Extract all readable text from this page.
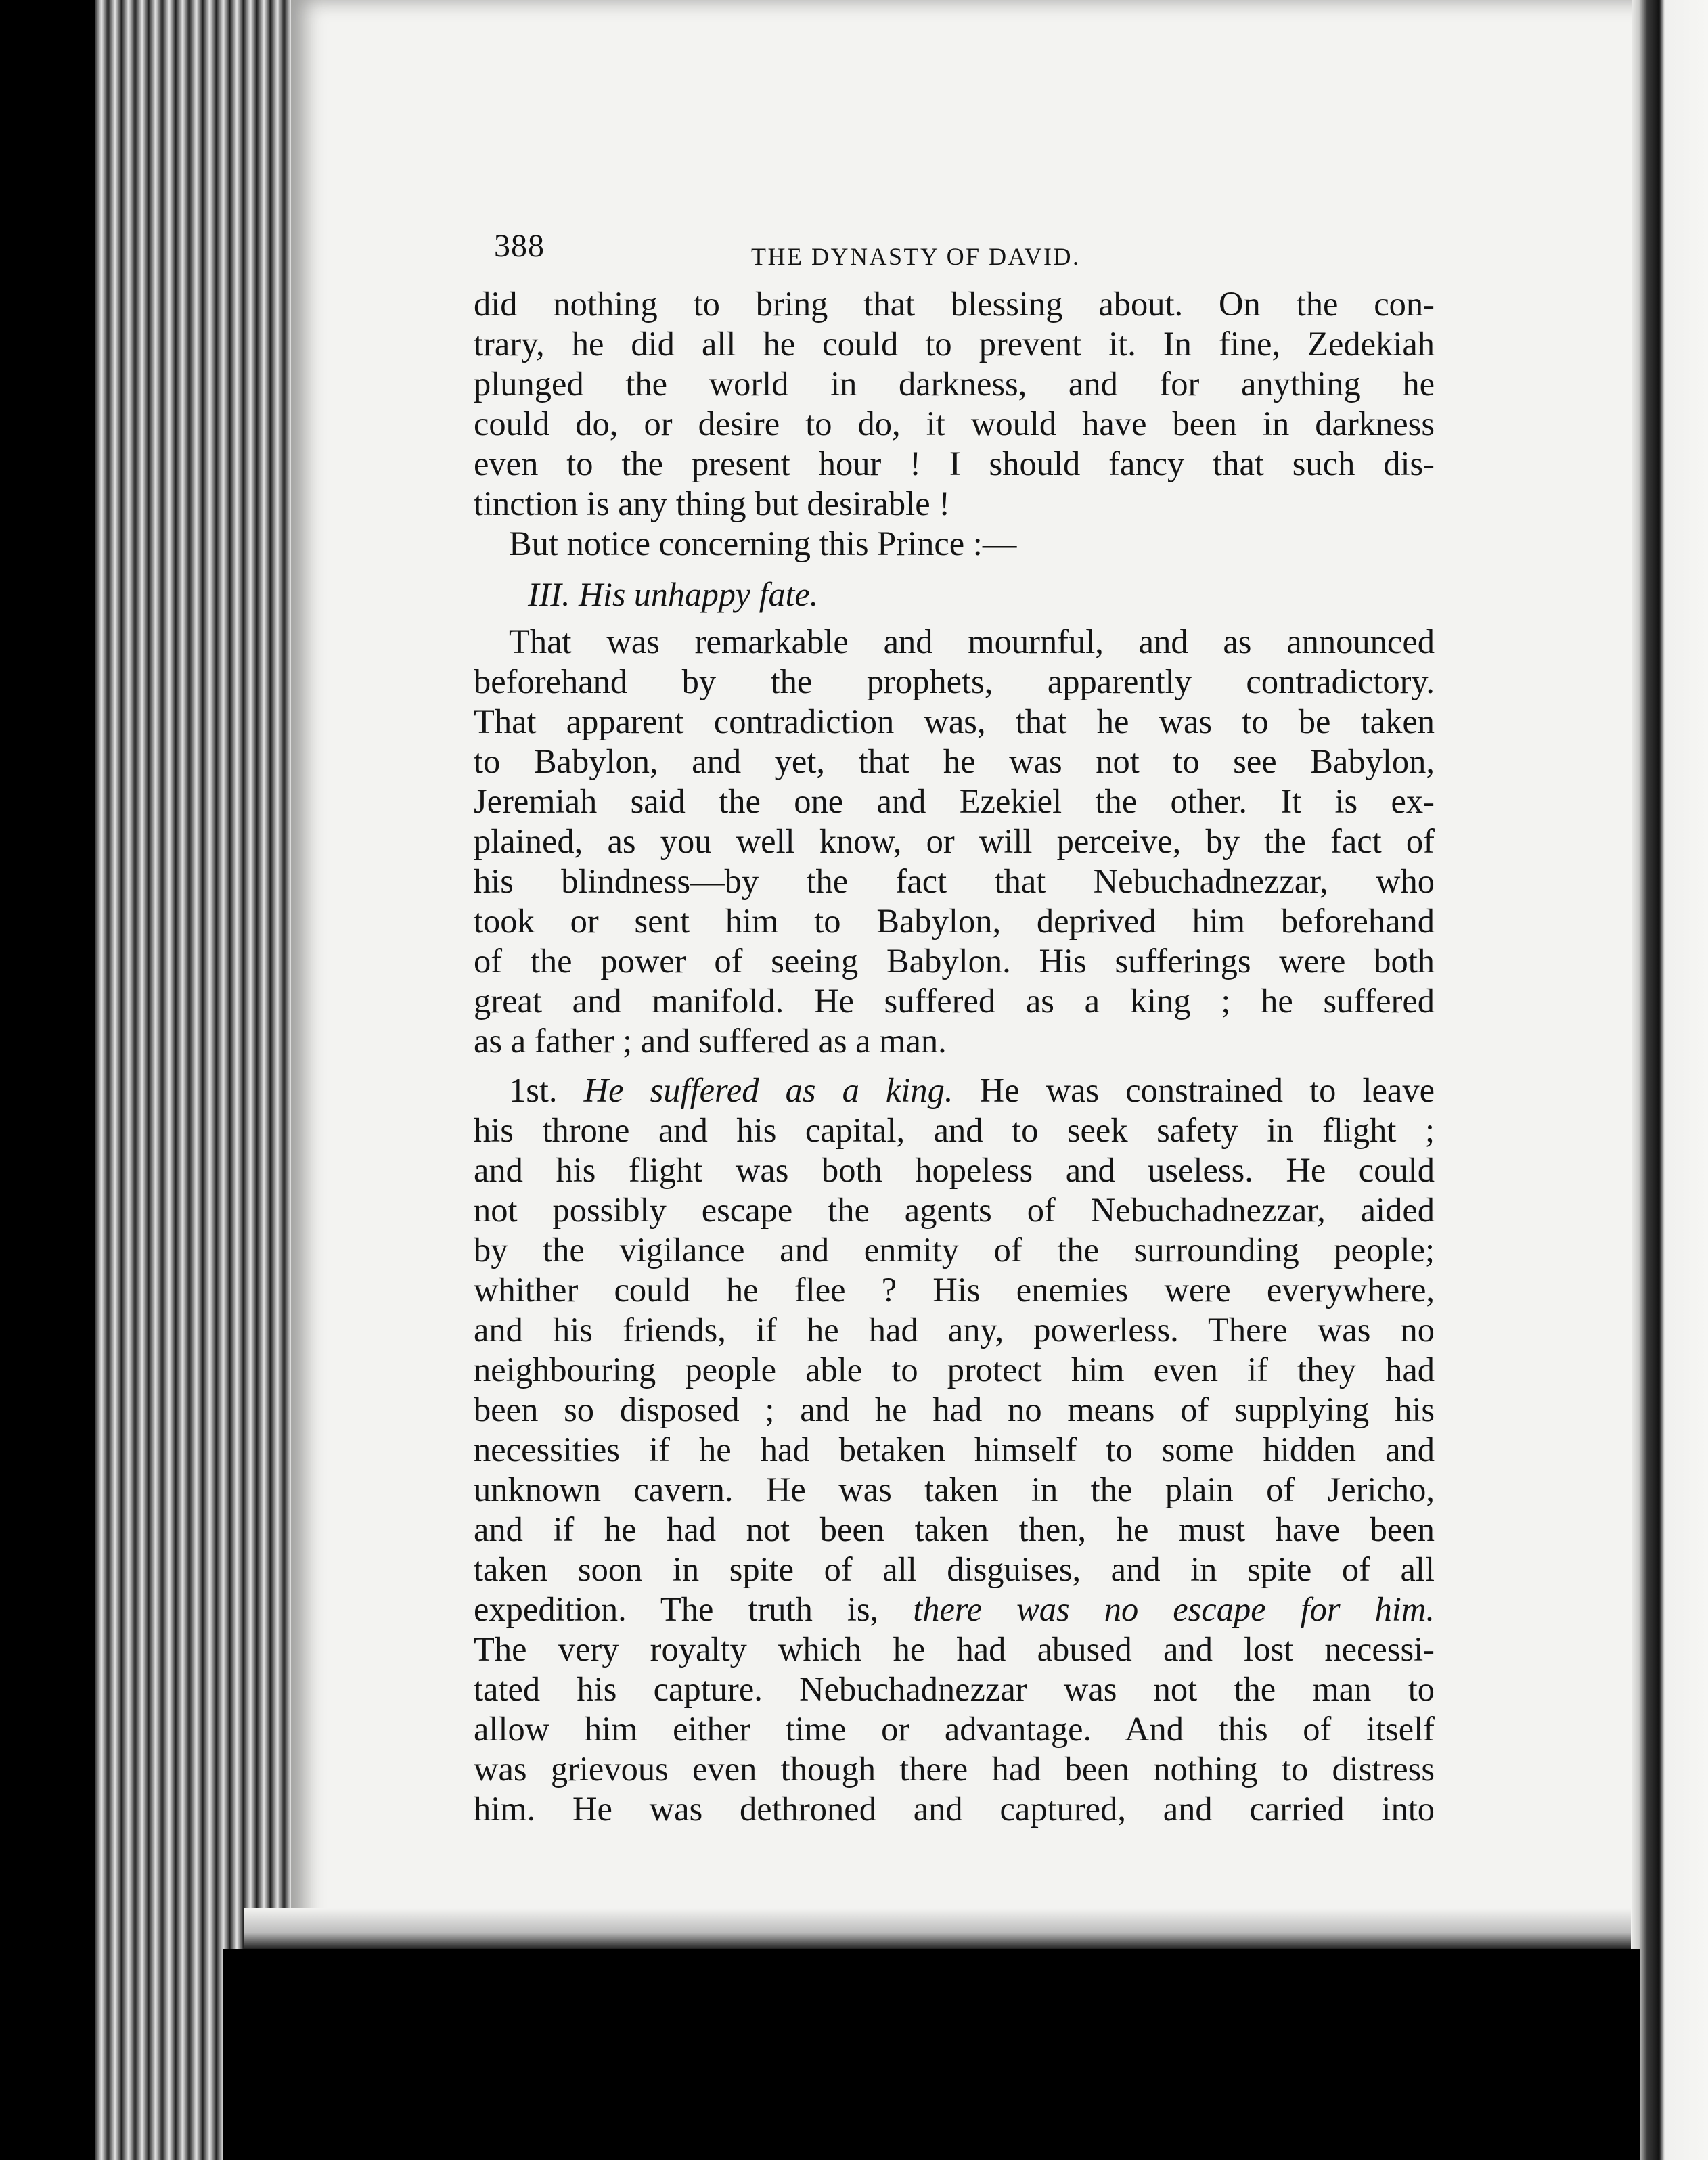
388	THE DYNASTY OF DAVID.
did nothing to bring that blessing about. On the con-
trary, he did all he could to prevent it. In fine, Zedekiah
plunged the world in darkness, and for anything he
could do, or desire to do, it would have been in darkness
even to the present hour ! I should fancy that such dis-
tinction is any thing but desirable !
But notice concerning this Prince :—
III. His unhappy fate.
That was remarkable and mournful, and as announced
beforehand by the prophets, apparently contradictory.
That apparent contradiction was, that he was to be taken
to Babylon, and yet, that he was not to see Babylon,
Jeremiah said the one and Ezekiel the other. It is ex-
plained, as you well know, or will perceive, by the fact of
his blindness—by the fact that Nebuchadnezzar, who
took or sent him to Babylon, deprived him beforehand
of the power of seeing Babylon. His sufferings were both
great and manifold. He suffered as a king ; he suffered
as a father ; and suffered as a man.
1st. He suffered as a king. He was constrained to leave
his throne and his capital, and to seek safety in flight ;
and his flight was both hopeless and useless. He could
not possibly escape the agents of Nebuchadnezzar, aided
by the vigilance and enmity of the surrounding people;
whither could he flee ? His enemies were everywhere,
and his friends, if he had any, powerless. There was no
neighbouring people able to protect him even if they had
been so disposed ; and he had no means of supplying his
necessities if he had betaken himself to some hidden and
unknown cavern. He was taken in the plain of Jericho,
and if he had not been taken then, he must have been
taken soon in spite of all disguises, and in spite of all
expedition. The truth is, there was no escape for him.
The very royalty which he had abused and lost necessi-
tated his capture. Nebuchadnezzar was not the man to
allow him either time or advantage. And this of itself
was grievous even though there had been nothing to distress
him. He was dethroned and captured, and carried into
